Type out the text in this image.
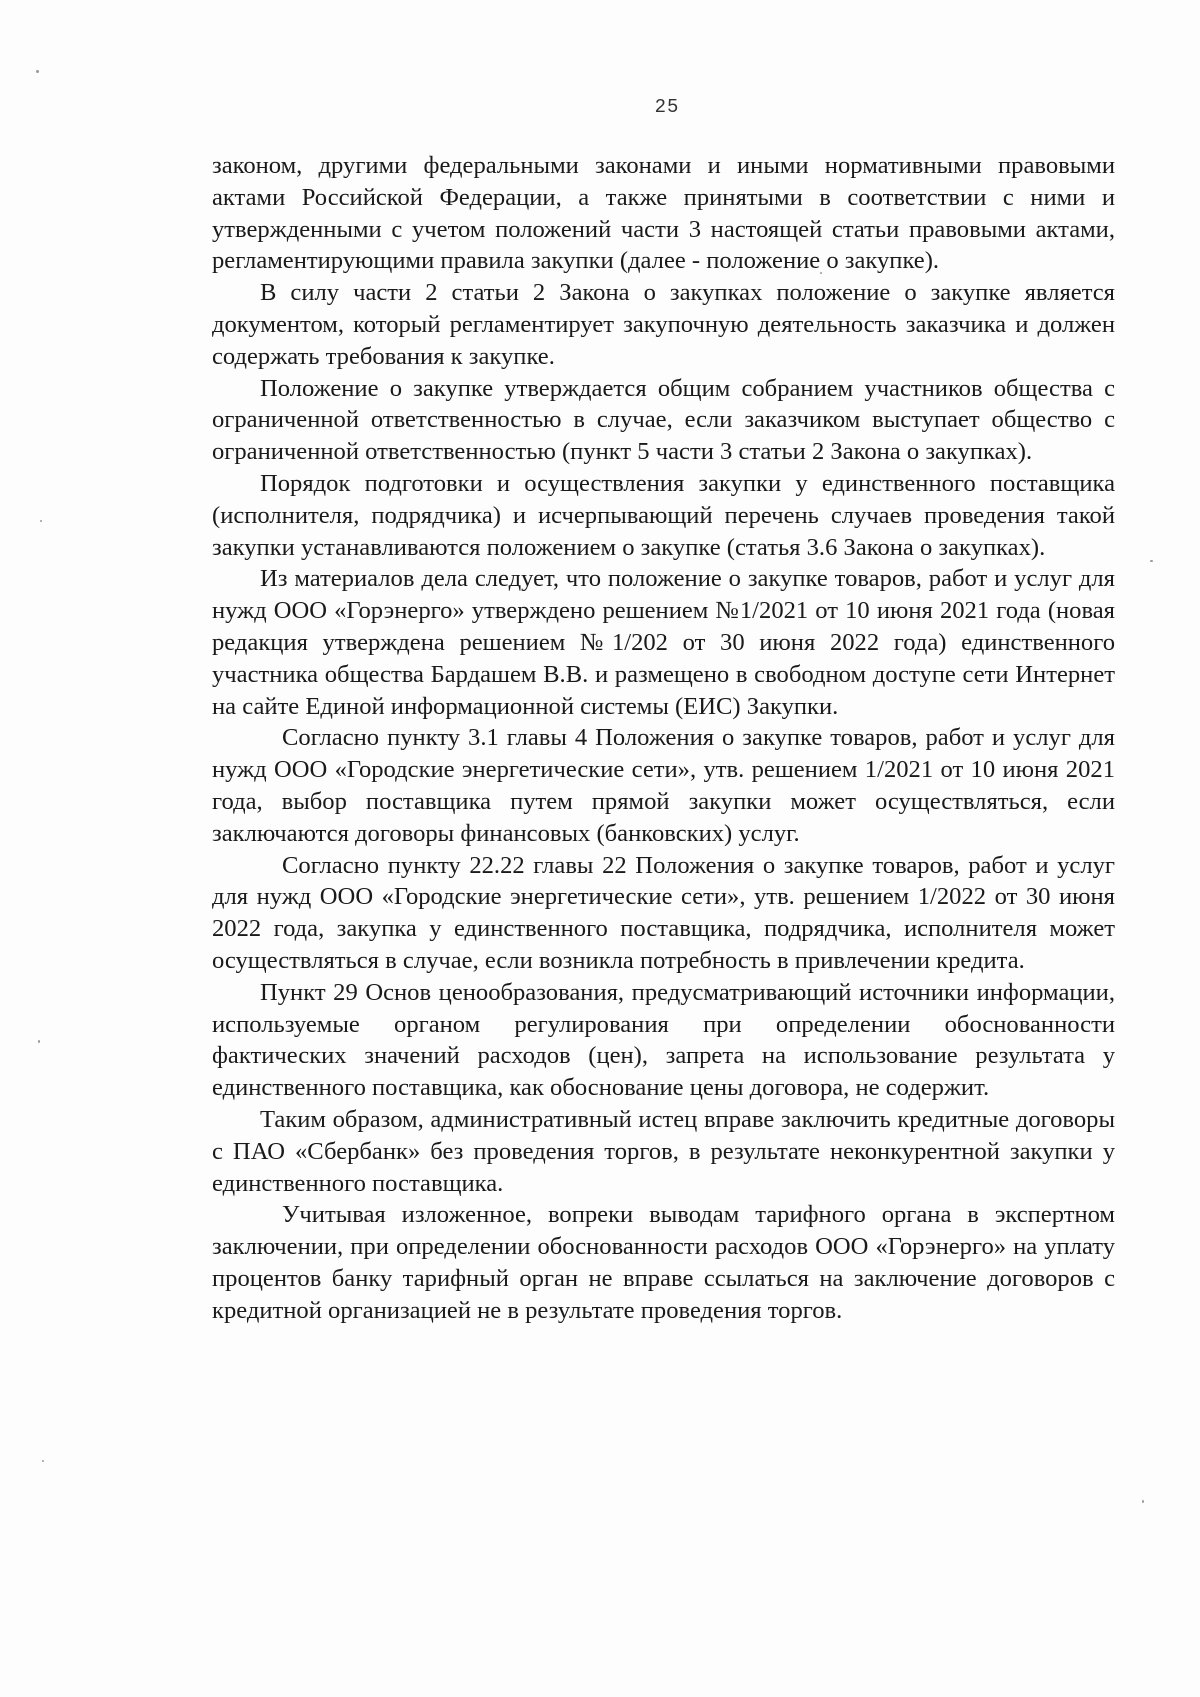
25

законом, другими федеральными законами и иными нормативными правовыми актами Российской Федерации, а также принятыми в соответствии с ними и утвержденными с учетом положений части 3 настоящей статьи правовыми актами, регламентирующими правила закупки (далее - положение о закупке).

В силу части 2 статьи 2 Закона о закупках положение о закупке является документом, который регламентирует закупочную деятельность заказчика и должен содержать требования к закупке.

Положение о закупке утверждается общим собранием участников общества с ограниченной ответственностью в случае, если заказчиком выступает общество с ограниченной ответственностью (пункт 5 части 3 статьи 2 Закона о закупках).

Порядок подготовки и осуществления закупки у единственного поставщика (исполнителя, подрядчика) и исчерпывающий перечень случаев проведения такой закупки устанавливаются положением о закупке (статья 3.6 Закона о закупках).

Из материалов дела следует, что положение о закупке товаров, работ и услуг для нужд ООО «Горэнерго» утверждено решением №1/2021 от 10 июня 2021 года (новая редакция утверждена решением №1/202 от 30 июня 2022 года) единственного участника общества Бардашем В.В. и размещено в свободном доступе сети Интернет на сайте Единой информационной системы (ЕИС) Закупки.

Согласно пункту 3.1 главы 4 Положения о закупке товаров, работ и услуг для нужд ООО «Городские энергетические сети», утв. решением 1/2021 от 10 июня 2021 года, выбор поставщика путем прямой закупки может осуществляться, если заключаются договоры финансовых (банковских) услуг.

Согласно пункту 22.22 главы 22 Положения о закупке товаров, работ и услуг для нужд ООО «Городские энергетические сети», утв. решением 1/2022 от 30 июня 2022 года, закупка у единственного поставщика, подрядчика, исполнителя может осуществляться в случае, если возникла потребность в привлечении кредита.

Пункт 29 Основ ценообразования, предусматривающий источники информации, используемые органом регулирования при определении обоснованности фактических значений расходов (цен), запрета на использование результата у единственного поставщика, как обоснование цены договора, не содержит.

Таким образом, административный истец вправе заключить кредитные договоры с ПАО «Сбербанк» без проведения торгов, в результате неконкурентной закупки у единственного поставщика.

Учитывая изложенное, вопреки выводам тарифного органа в экспертном заключении, при определении обоснованности расходов ООО «Горэнерго» на уплату процентов банку тарифный орган не вправе ссылаться на заключение договоров с кредитной организацией не в результате проведения торгов.
